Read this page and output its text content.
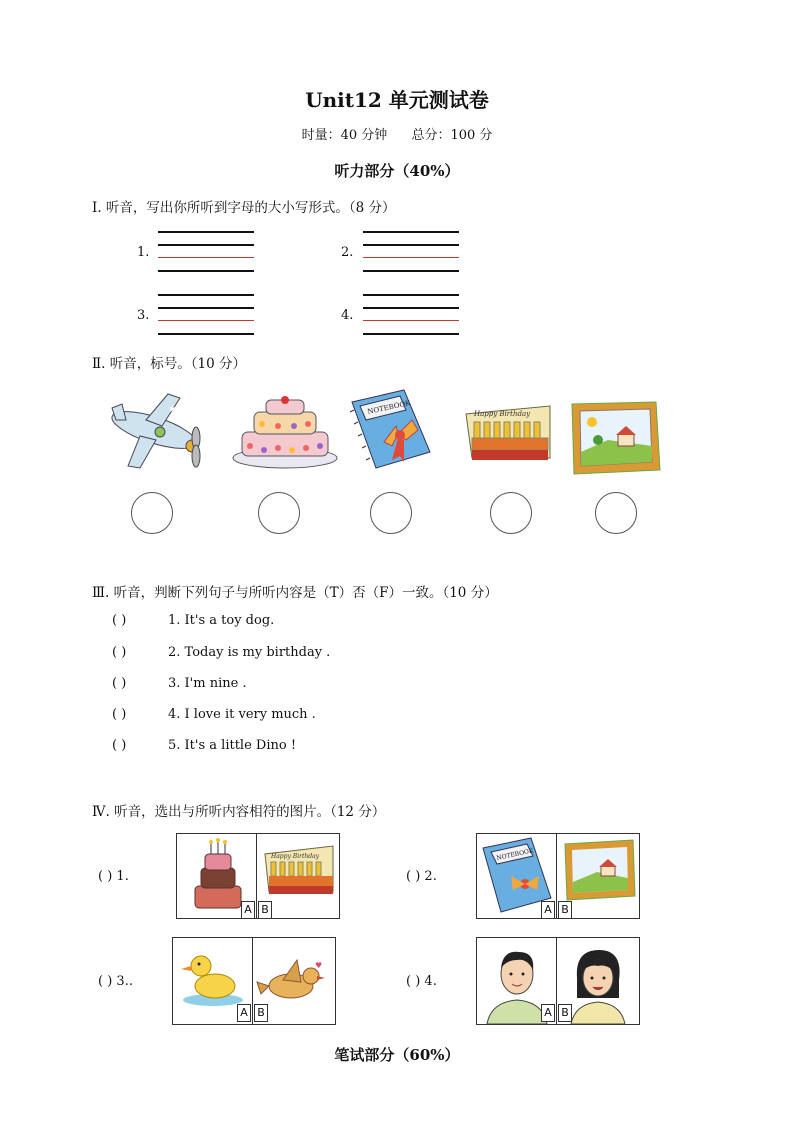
Unit12 单元测试卷
时量：40 分钟 总分：100 分
听力部分（40%）
Ⅰ. 听音，写出你所听到字母的大小写形式。（8 分）
1.	2.
3.	4.
Ⅱ. 听音，标号。（10 分）
★	NOTEBOOK	Happy Birthday
Ⅲ. 听音，判断下列句子与所听内容是（T）否（F）一致。（10 分）
( )	1. It's a toy dog.
( )	2. Today is my birthday .
( )	3. I'm nine .
( )	4. I love it very much .
( )	5. It's a little Dino !
Ⅳ. 听音，选出与所听内容相符的图片。（12 分）
( ) 1.
A
Happy Birthday
B
( ) 2.
NOTEBOOK
A B
( ) 3..
A
♥
B
( ) 4.
A B
笔试部分（60%）
